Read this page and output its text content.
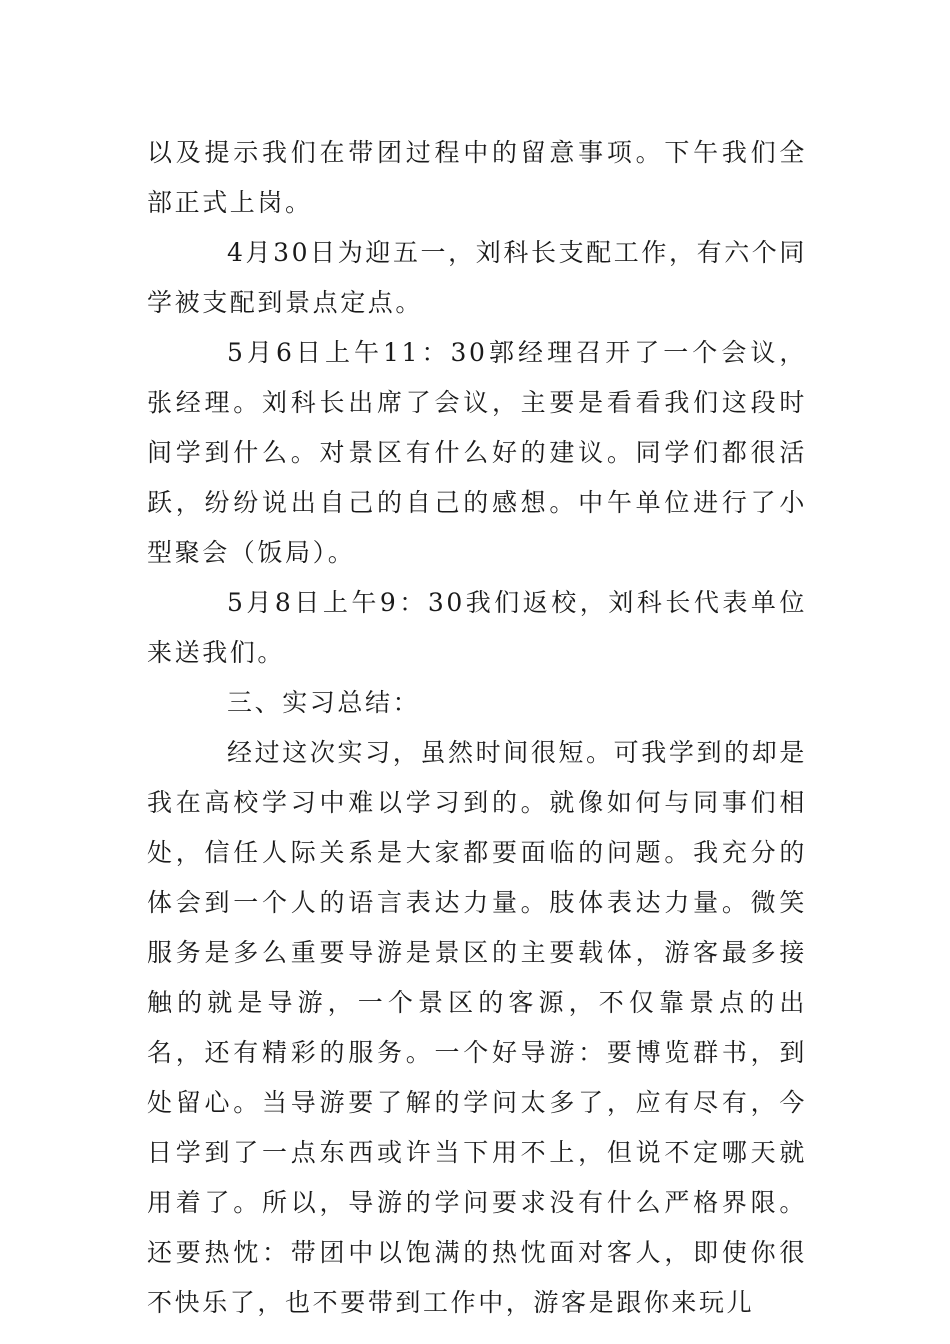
以及提示我们在带团过程中的留意事项。下午我们全部正式上岗。

4月30日为迎五一，刘科长支配工作，有六个同学被支配到景点定点。

5月6日上午11：30郭经理召开了一个会议，张经理。刘科长出席了会议，主要是看看我们这段时间学到什么。对景区有什么好的建议。同学们都很活跃，纷纷说出自己的自己的感想。中午单位进行了小型聚会（饭局）。

5月8日上午9：30我们返校，刘科长代表单位来送我们。

三、实习总结：

经过这次实习，虽然时间很短。可我学到的却是我在高校学习中难以学习到的。就像如何与同事们相处，信任人际关系是大家都要面临的问题。我充分的体会到一个人的语言表达力量。肢体表达力量。微笑服务是多么重要导游是景区的主要载体，游客最多接触的就是导游，一个景区的客源，不仅靠景点的出名，还有精彩的服务。一个好导游：要博览群书，到处留心。当导游要了解的学问太多了，应有尽有，今日学到了一点东西或许当下用不上，但说不定哪天就用着了。所以，导游的学问要求没有什么严格界限。还要热忱：带团中以饱满的热忱面对客人，即使你很不快乐了，也不要带到工作中，游客是跟你来玩儿
